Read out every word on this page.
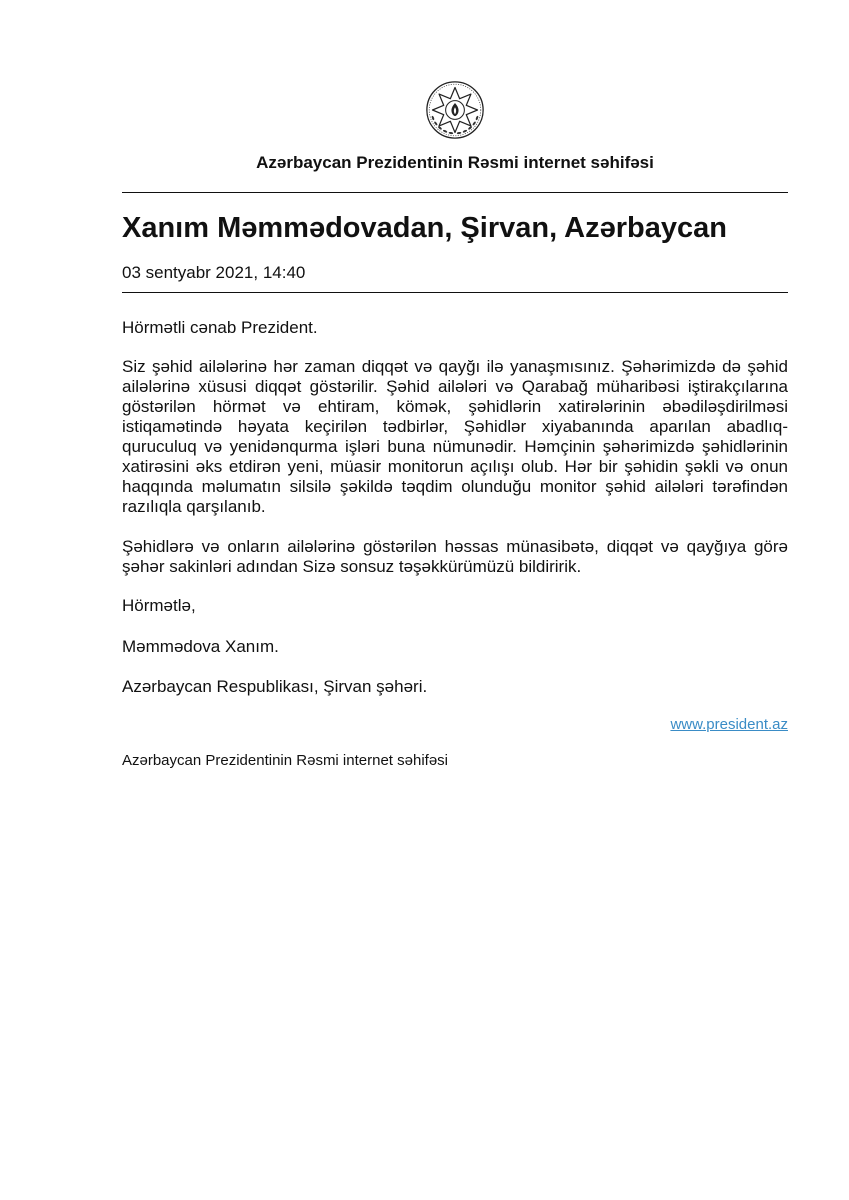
Azərbaycan Prezidentinin Rəsmi internet səhifəsi
Xanım Məmmədovadan, Şirvan, Azərbaycan
03 sentyabr 2021, 14:40
Hörmətli cənab Prezident.
Siz şəhid ailələrinə hər zaman diqqət və qayğı ilə yanaşmısınız. Şəhərimizdə də şəhid
ailələrinə xüsusi diqqət göstərilir. Şəhid ailələri və Qarabağ müharibəsi iştirakçılarına
göstərilən hörmət və ehtiram, kömək, şəhidlərin xatirələrinin əbədiləşdirilməsi
istiqamətində həyata keçirilən tədbirlər, Şəhidlər xiyabanında aparılan abadlıq-
quruculuq və yenidənqurma işləri buna nümunədir. Həmçinin şəhərimizdə şəhidlərinin
xatirəsini əks etdirən yeni, müasir monitorun açılışı olub. Hər bir şəhidin şəkli və onun
haqqında məlumatın silsilə şəkildə təqdim olunduğu monitor şəhid ailələri tərəfindən
razılıqla qarşılanıb.
Şəhidlərə və onların ailələrinə göstərilən həssas münasibətə, diqqət və qayğıya görə
şəhər sakinləri adından Sizə sonsuz təşəkkürümüzü bildiririk.
Hörmətlə,
Məmmədova Xanım.
Azərbaycan Respublikası, Şirvan şəhəri.
www.president.az
Azərbaycan Prezidentinin Rəsmi internet səhifəsi
